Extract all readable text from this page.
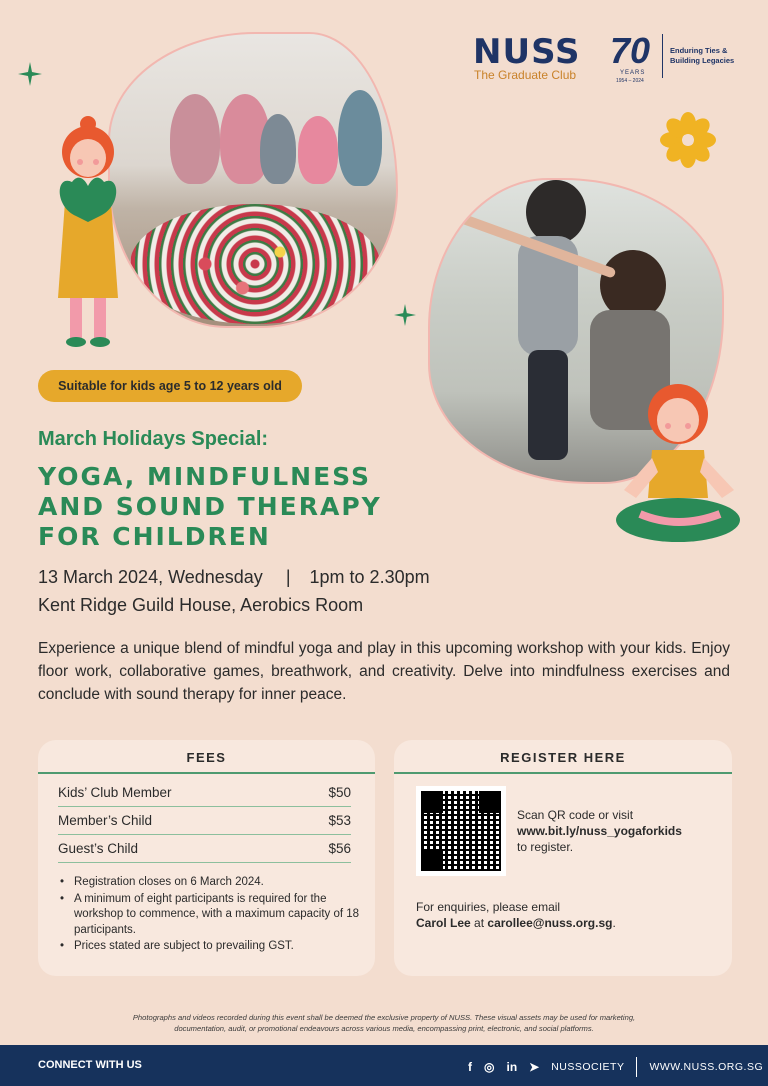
NUSS
The Graduate Club
70
YEARS
1954 – 2024
Enduring Ties & Building Legacies
Suitable for kids age 5 to 12 years old
March Holidays Special:
YOGA, MINDFULNESS
AND SOUND THERAPY
FOR CHILDREN
13 March 2024, Wednesday | 1pm to 2.30pm
Kent Ridge Guild House, Aerobics Room
Experience a unique blend of mindful yoga and play in this upcoming workshop with your kids. Enjoy floor work, collaborative games, breathwork, and creativity. Delve into mindfulness exercises and conclude with sound therapy for inner peace.
FEES
Kids’ Club Member	$50
Member’s Child	$53
Guest’s Child	$56
• Registration closes on 6 March 2024.
• A minimum of eight participants is required for the workshop to commence, with a maximum capacity of 18 participants.
• Prices stated are subject to prevailing GST.
REGISTER HERE
Scan QR code or visit
www.bit.ly/nuss_yogaforkids
to register.
For enquiries, please email
Carol Lee at carollee@nuss.org.sg.
Photographs and videos recorded during this event shall be deemed the exclusive property of NUSS. These visual assets may be used for marketing, documentation, audit, or promotional endeavours across various media, encompassing print, electronic, and social platforms.
CONNECT WITH US	f ◎ in ➤ NUSSOCIETY WWW.NUSS.ORG.SG
